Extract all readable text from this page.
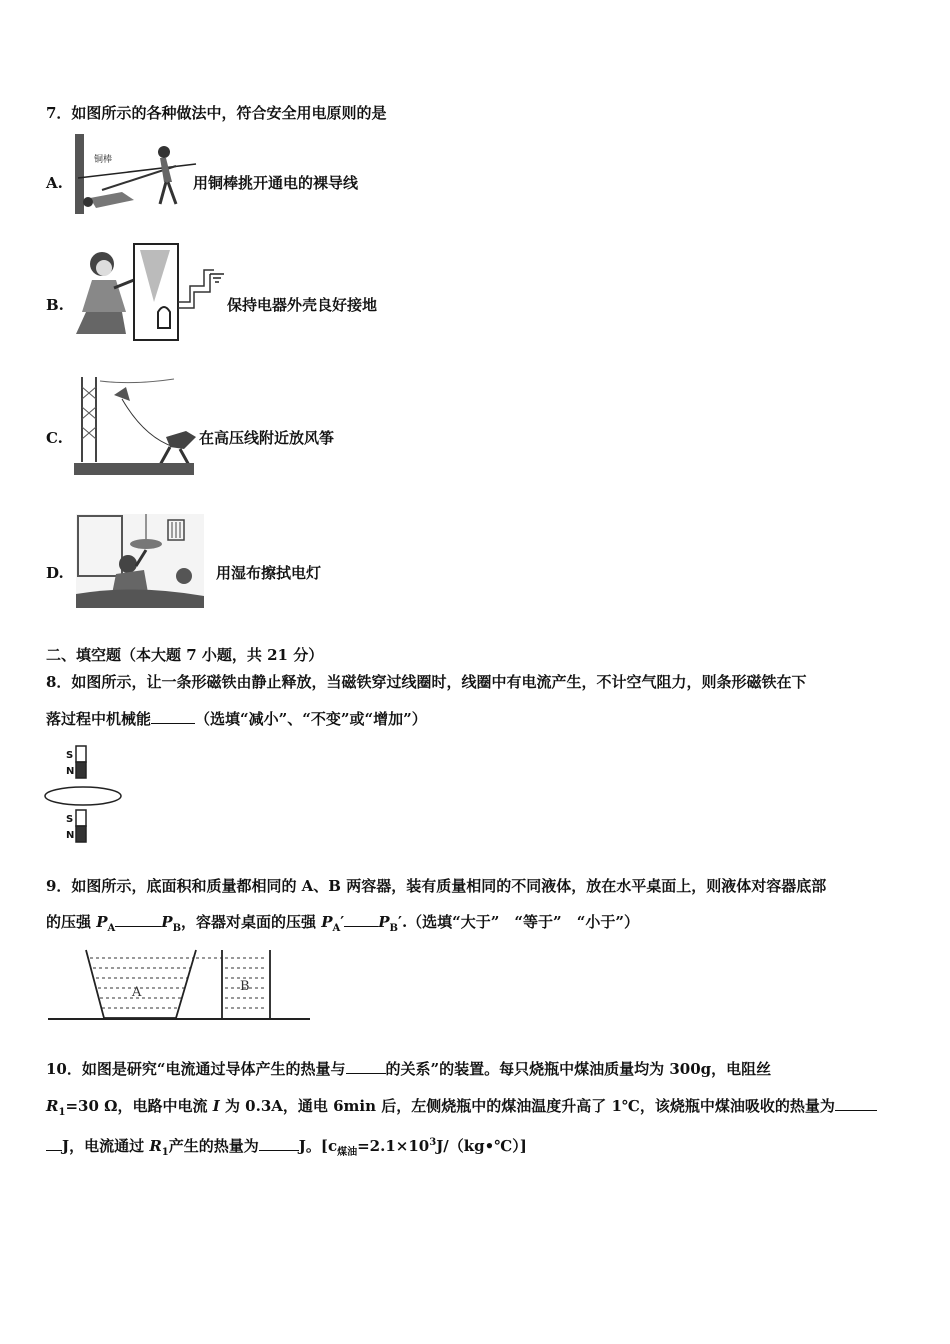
7．如图所示的各种做法中，符合安全用电原则的是
A.
铜棒
用铜棒挑开通电的裸导线
B.	保持电器外壳良好接地
C.	在高压线附近放风筝
D.	用湿布擦拭电灯
二、填空题（本大题 7 小题，共 21 分）
8．如图所示，让一条形磁铁由静止释放，当磁铁穿过线圈时，线圈中有电流产生，不计空气阻力，则条形磁铁在下
落过程中机械能	（选填“减小”、“不变”或“增加”）
S
N
S
N
9．如图所示，底面积和质量都相同的 A、B 两容器，装有质量相同的不同液体，放在水平桌面上，则液体对容器底部
的压强 $P_A$	$P_B$，容器对桌面的压强 $P_A'$ $P_B'$.（选填“大于” “等于” “小于”）
A	B
10．如图是研究“电流通过导体产生的热量与	的关系”的装置。每只烧瓶中煤油质量均为 300g，电阻丝
$R_1=30$ Ω，电路中电流 I 为 0.3A，通电 6min 后，左侧烧瓶中的煤油温度升高了 1℃，该烧瓶中煤油吸收的热量为
J，电流通过 $R_1$产生的热量为	J。$[c_{煤油}=2.1\times 10^3J/(kg•℃)]$
